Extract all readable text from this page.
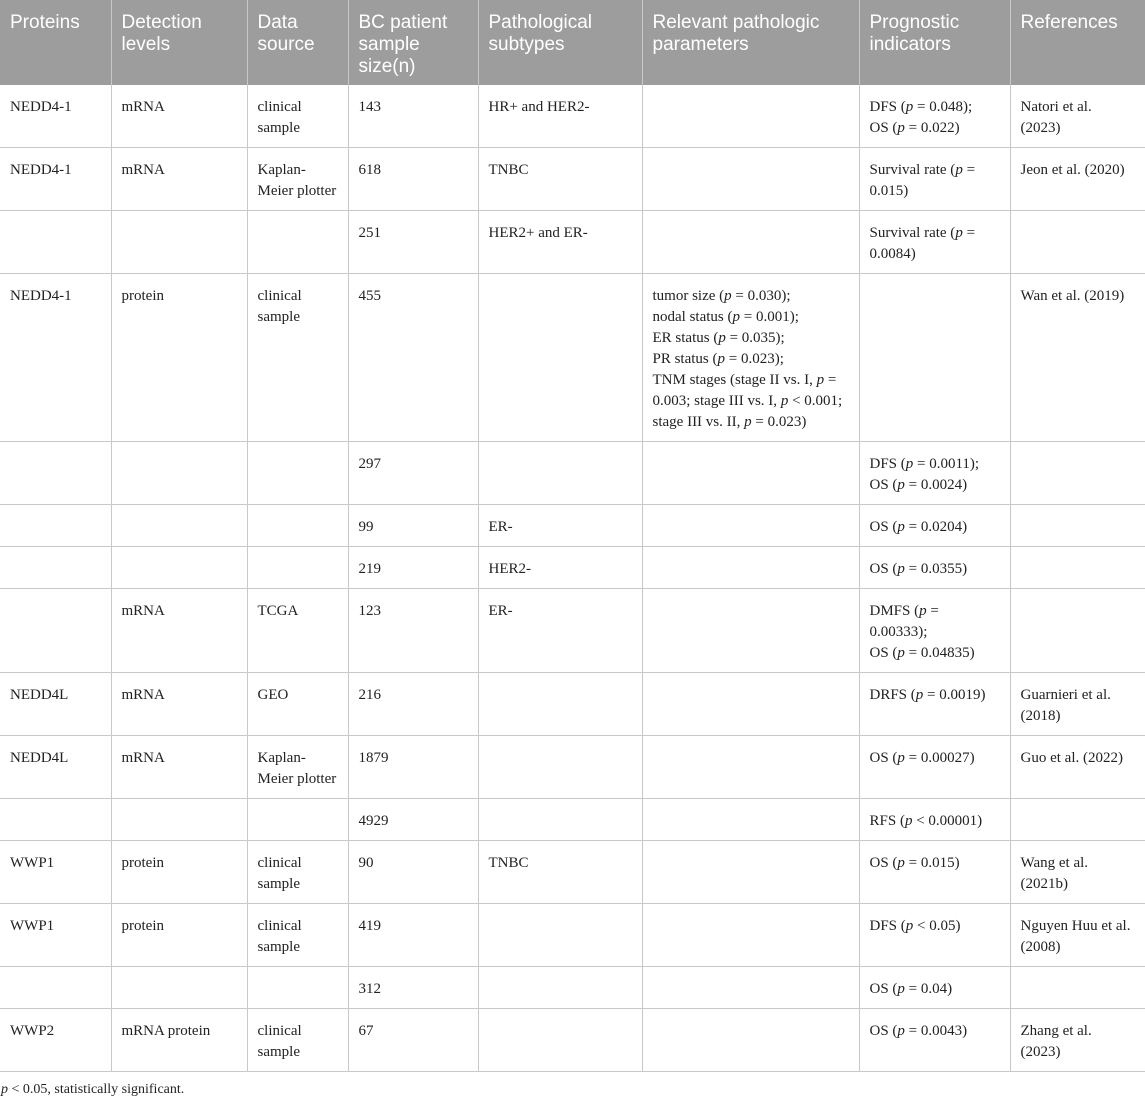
Proteins	Detection levels	Data source	BC patient sample size(n)	Pathological subtypes	Relevant pathologic parameters	Prognostic indicators	References
NEDD4-1	mRNA	clinical sample	143	HR+ and HER2-		DFS (p = 0.048);
OS (p = 0.022)	Natori et al. (2023)
NEDD4-1	mRNA	Kaplan-Meier plotter	618	TNBC		Survival rate (p = 0.015)	Jeon et al. (2020)
			251	HER2+ and ER-		Survival rate (p = 0.0084)	

NEDD4-1	protein	clinical sample	455		tumor size (p = 0.030);
nodal status (p = 0.001);
ER status (p = 0.035);
PR status (p = 0.023);
TNM stages (stage II vs. I, p = 0.003; stage III vs. I, p < 0.001; stage III vs. II, p = 0.023)		Wan et al. (2019)
			297			DFS (p = 0.0011);
OS (p = 0.0024)	

			99	ER-		OS (p = 0.0204)	

			219	HER2-		OS (p = 0.0355)	

	mRNA	TCGA	123	ER-		DMFS (p = 0.00333);
OS (p = 0.04835)	

NEDD4L	mRNA	GEO	216			DRFS (p = 0.0019)	Guarnieri et al. (2018)
NEDD4L	mRNA	Kaplan-Meier plotter	1879			OS (p = 0.00027)	Guo et al. (2022)
			4929			RFS (p < 0.00001)	

WWP1	protein	clinical sample	90	TNBC		OS (p = 0.015)	Wang et al. (2021b)
WWP1	protein	clinical sample	419			DFS (p < 0.05)	Nguyen Huu et al. (2008)
			312			OS (p = 0.04)	

WWP2	mRNA protein	clinical sample	67			OS (p = 0.0043)	Zhang et al. (2023)
p < 0.05, statistically significant.
